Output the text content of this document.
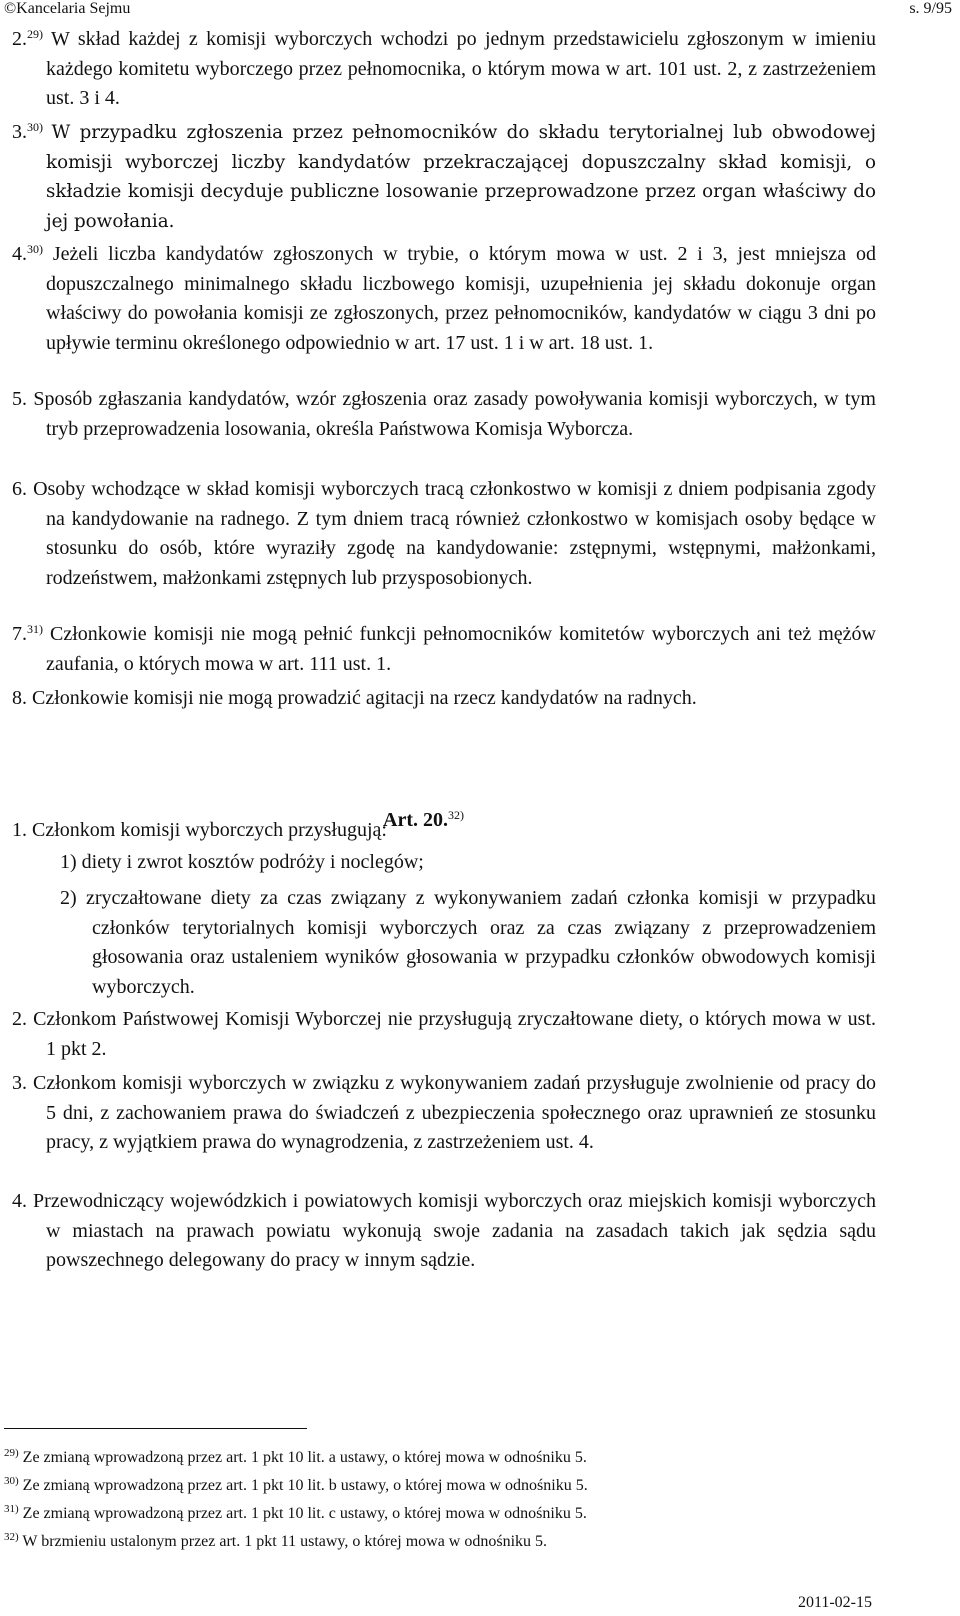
©Kancelaria Sejmu	s. 9/95
2.$^{29)}$ W skład każdej z komisji wyborczych wchodzi po jednym przedstawicielu zgłoszonym w imieniu każdego komitetu wyborczego przez pełnomocnika, o którym mowa w art. 101 ust. 2, z zastrzeżeniem ust. 3 i 4.
3.$^{30)}$ W przypadku zgłoszenia przez pełnomocników do składu terytorialnej lub obwodowej komisji wyborczej liczby kandydatów przekraczającej dopuszczalny skład komisji, o składzie komisji decyduje publiczne losowanie przeprowadzone przez organ właściwy do jej powołania.
4.$^{30)}$ Jeżeli liczba kandydatów zgłoszonych w trybie, o którym mowa w ust. 2 i 3, jest mniejsza od dopuszczalnego minimalnego składu liczbowego komisji, uzupełnienia jej składu dokonuje organ właściwy do powołania komisji ze zgłoszonych, przez pełnomocników, kandydatów w ciągu 3 dni po upływie terminu określonego odpowiednio w art. 17 ust. 1 i w art. 18 ust. 1.
5. Sposób zgłaszania kandydatów, wzór zgłoszenia oraz zasady powoływania komisji wyborczych, w tym tryb przeprowadzenia losowania, określa Państwowa Komisja Wyborcza.
6. Osoby wchodzące w skład komisji wyborczych tracą członkostwo w komisji z dniem podpisania zgody na kandydowanie na radnego. Z tym dniem tracą również członkostwo w komisjach osoby będące w stosunku do osób, które wyraziły zgodę na kandydowanie: zstępnymi, wstępnymi, małżonkami, rodzeństwem, małżonkami zstępnych lub przysposobionych.
7.$^{31)}$ Członkowie komisji nie mogą pełnić funkcji pełnomocników komitetów wyborczych ani też mężów zaufania, o których mowa w art. 111 ust. 1.
8. Członkowie komisji nie mogą prowadzić agitacji na rzecz kandydatów na radnych.
Art. 20.$^{32)}$
1. Członkom komisji wyborczych przysługują:
1) diety i zwrot kosztów podróży i noclegów;
2) zryczałtowane diety za czas związany z wykonywaniem zadań członka komisji w przypadku członków terytorialnych komisji wyborczych oraz za czas związany z przeprowadzeniem głosowania oraz ustaleniem wyników głosowania w przypadku członków obwodowych komisji wyborczych.
2. Członkom Państwowej Komisji Wyborczej nie przysługują zryczałtowane diety, o których mowa w ust. 1 pkt 2.
3. Członkom komisji wyborczych w związku z wykonywaniem zadań przysługuje zwolnienie od pracy do 5 dni, z zachowaniem prawa do świadczeń z ubezpieczenia społecznego oraz uprawnień ze stosunku pracy, z wyjątkiem prawa do wynagrodzenia, z zastrzeżeniem ust. 4.
4. Przewodniczący wojewódzkich i powiatowych komisji wyborczych oraz miejskich komisji wyborczych w miastach na prawach powiatu wykonują swoje zadania na zasadach takich jak sędzia sądu powszechnego delegowany do pracy w innym sądzie.
$^{29)}$ Ze zmianą wprowadzoną przez art. 1 pkt 10 lit. a ustawy, o której mowa w odnośniku 5.
$^{30)}$ Ze zmianą wprowadzoną przez art. 1 pkt 10 lit. b ustawy, o której mowa w odnośniku 5.
$^{31)}$ Ze zmianą wprowadzoną przez art. 1 pkt 10 lit. c ustawy, o której mowa w odnośniku 5.
$^{32)}$ W brzmieniu ustalonym przez art. 1 pkt 11 ustawy, o której mowa w odnośniku 5.
2011-02-15
